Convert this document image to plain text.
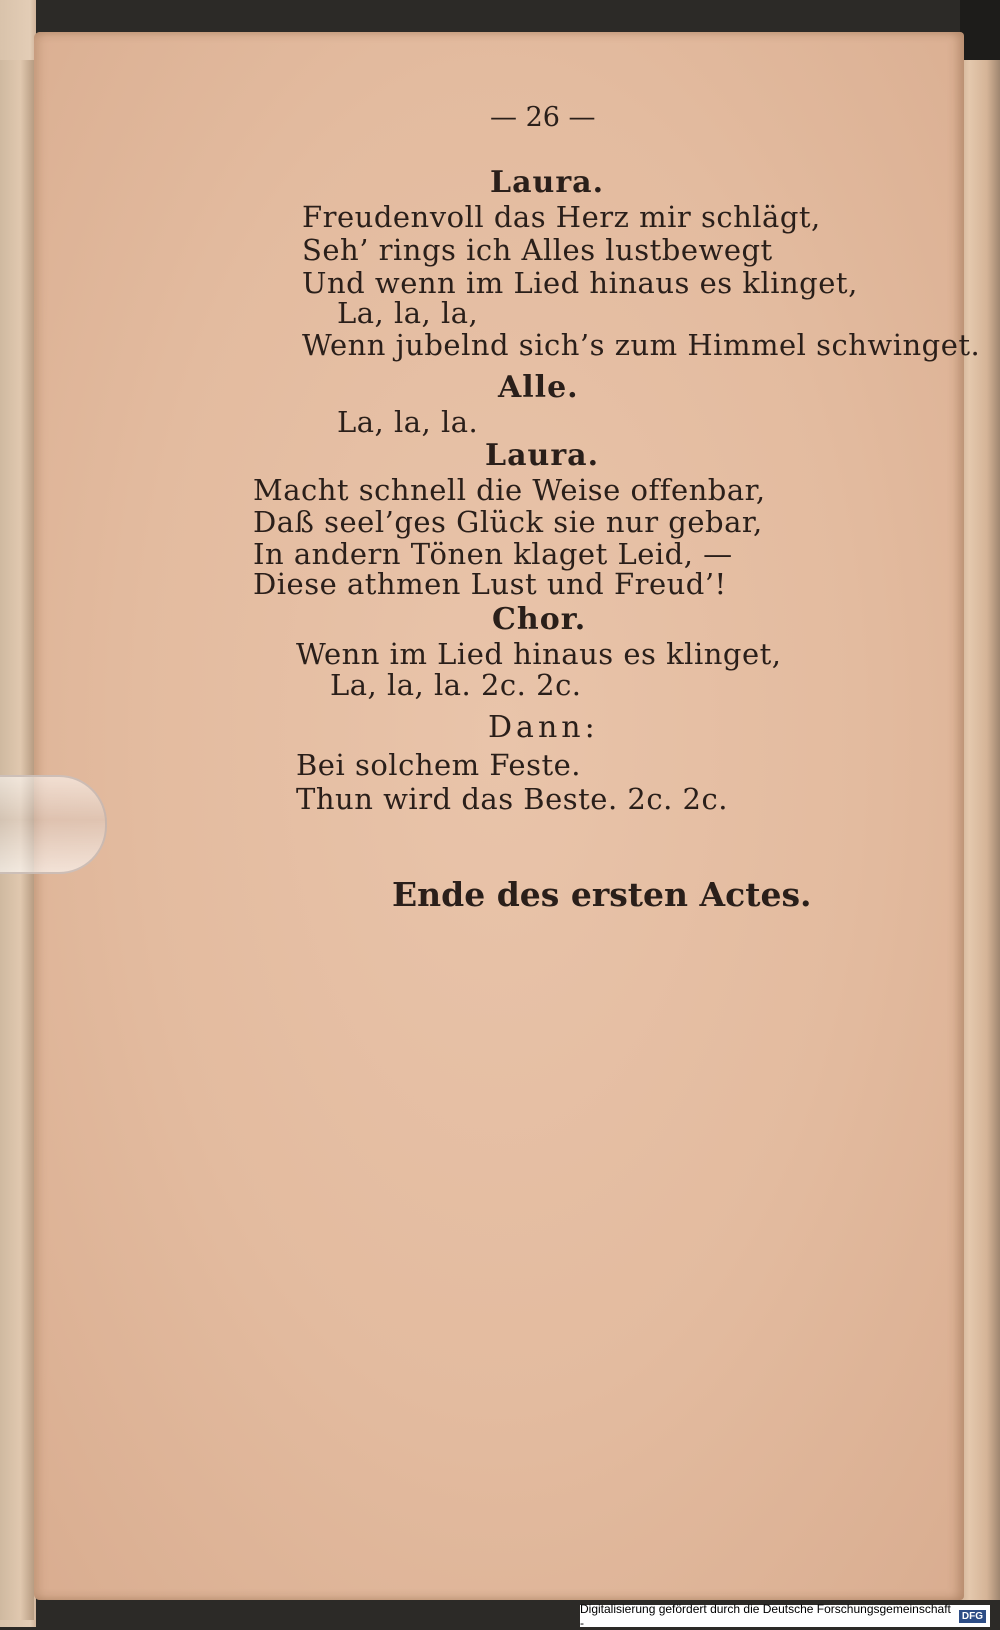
— 26 —
Laura.
Freudenvoll das Herz mir schlägt,
Seh’ rings ich Alles lustbewegt
Und wenn im Lied hinaus es klinget,
La, la, la,
Wenn jubelnd sich’s zum Himmel schwinget.
Alle.
La, la, la.
Laura.
Macht schnell die Weise offenbar,
Daß seel’ges Glück sie nur gebar,
In andern Tönen klaget Leid, —
Diese athmen Lust und Freud’!
Chor.
Wenn im Lied hinaus es klinget,
La, la, la. 2c. 2c.
Dann:
Bei solchem Feste.
Thun wird das Beste. 2c. 2c.
Ende des ersten Actes.
Digitalisierung gefördert durch die Deutsche Forschungsgemeinschaft -	DFG
